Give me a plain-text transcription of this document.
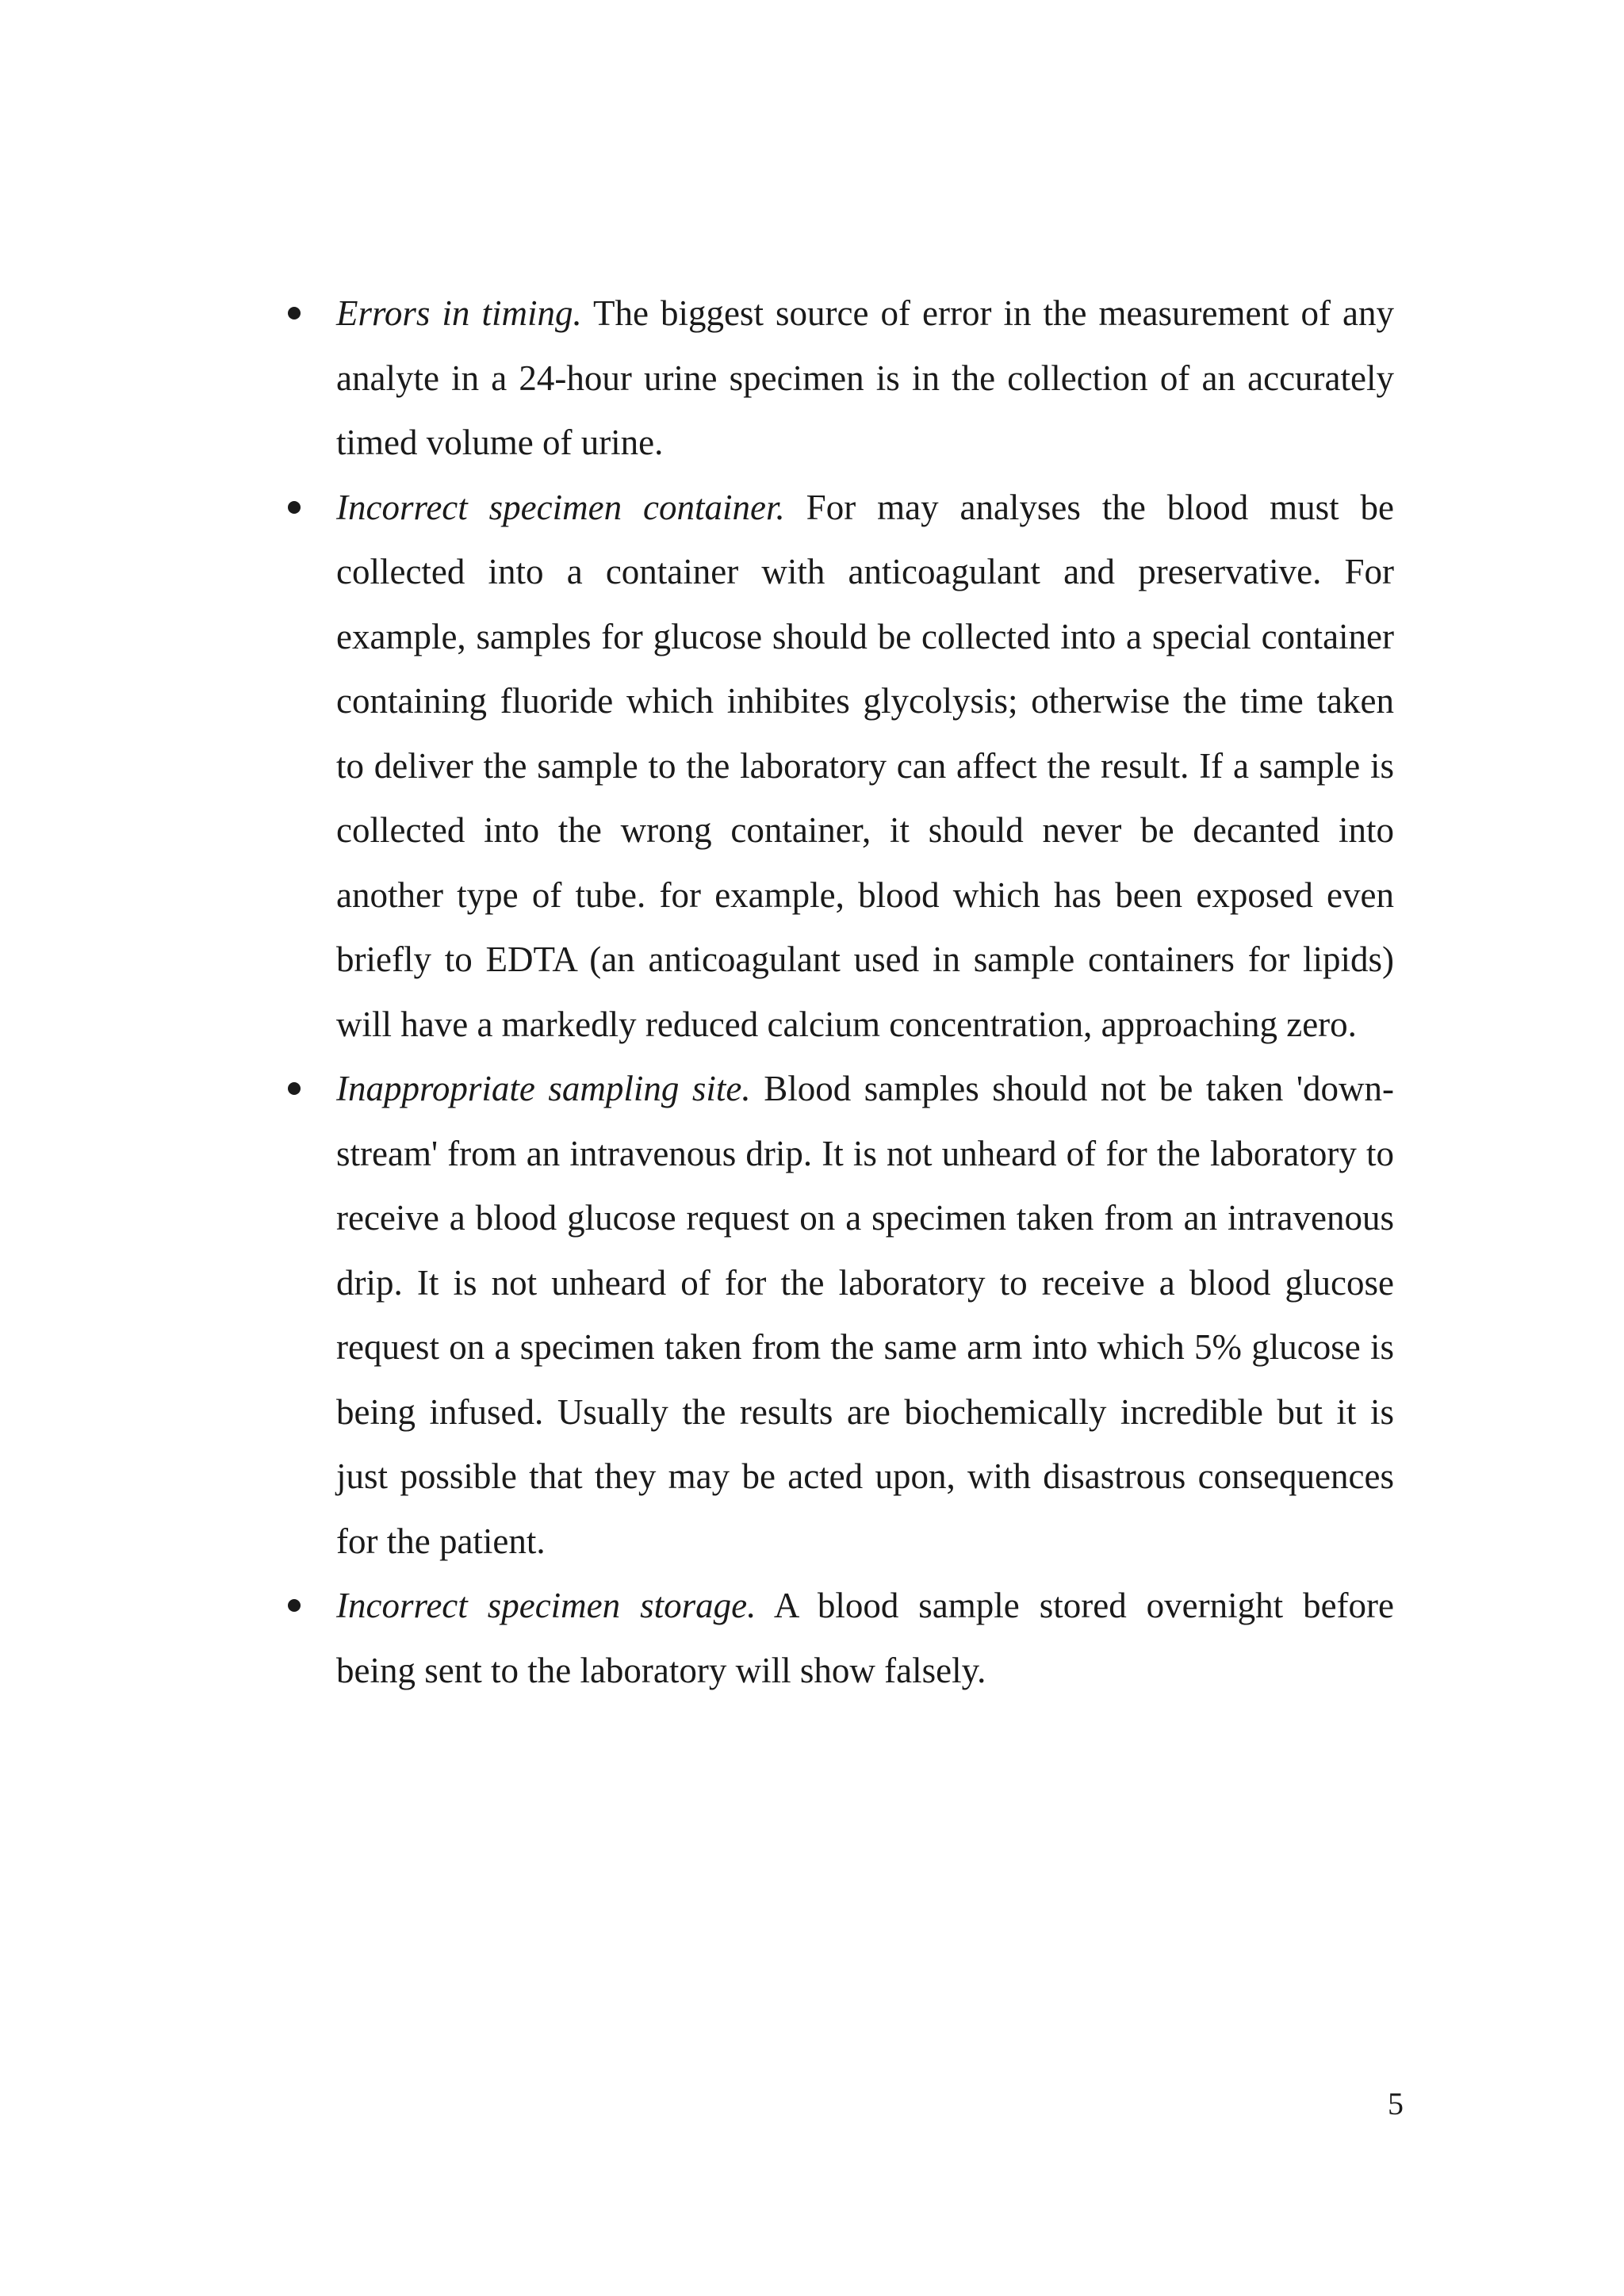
Errors in timing. The biggest source of error in the measurement of any analyte in a 24-hour urine specimen is in the collection of an accurately timed volume of urine.
Incorrect specimen container. For may analyses the blood must be collected into a container with anticoagulant and preservative. For example, samples for glucose should be collected into a special container containing fluoride which inhibites glycolysis; otherwise the time taken to deliver the sample to the laboratory can affect the result. If a sample is collected into the wrong container, it should never be decanted into another type of tube. for example, blood which has been exposed even briefly to EDTA (an anticoagulant used in sample containers for lipids) will have a markedly reduced calcium concentration, approaching zero.
Inappropriate sampling site. Blood samples should not be taken 'down-stream' from an intravenous drip. It is not unheard of for the laboratory to receive a blood glucose request on a specimen taken from an intravenous drip. It is not unheard of for the laboratory to receive a blood glucose request on a specimen taken from the same arm into which 5% glucose is being infused. Usually the results are biochemically incredible but it is just possible that they may be acted upon, with disastrous consequences for the patient.
Incorrect specimen storage. A blood sample stored overnight before being sent to the laboratory will show falsely.
5
